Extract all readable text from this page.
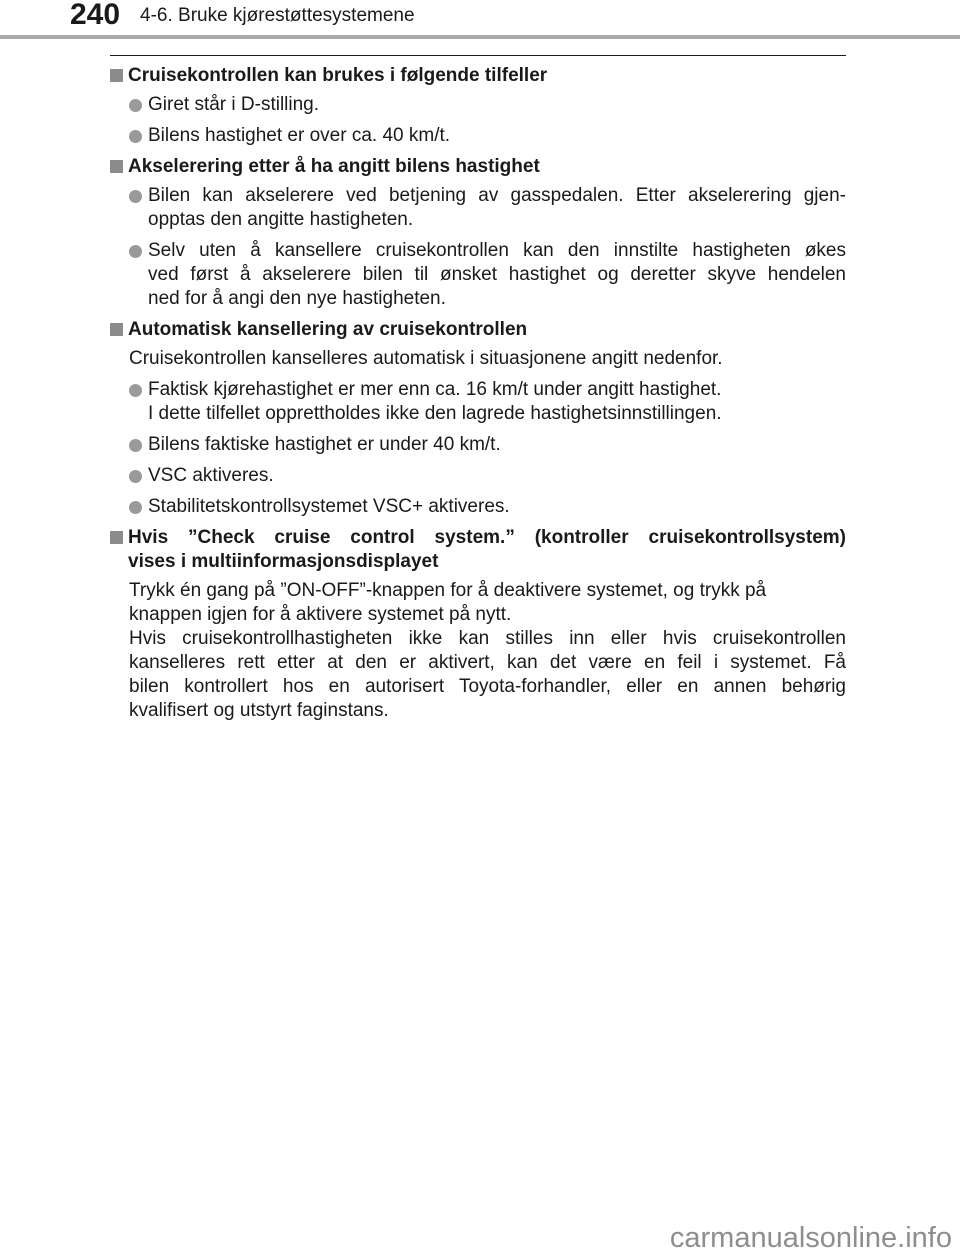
240 4-6. Bruke kjørestøttesystemene
Cruisekontrollen kan brukes i følgende tilfeller
Giret står i D-stilling.
Bilens hastighet er over ca. 40 km/t.
Akselerering etter å ha angitt bilens hastighet
Bilen kan akselerere ved betjening av gasspedalen. Etter akselerering gjen-
opptas den angitte hastigheten.
Selv uten å kansellere cruisekontrollen kan den innstilte hastigheten økes
ved først å akselerere bilen til ønsket hastighet og deretter skyve hendelen
ned for å angi den nye hastigheten.
Automatisk kansellering av cruisekontrollen
Cruisekontrollen kanselleres automatisk i situasjonene angitt nedenfor.
Faktisk kjørehastighet er mer enn ca. 16 km/t under angitt hastighet.
I dette tilfellet opprettholdes ikke den lagrede hastighetsinnstillingen.
Bilens faktiske hastighet er under 40 km/t.
VSC aktiveres.
Stabilitetskontrollsystemet VSC+ aktiveres.
Hvis ”Check cruise control system.” (kontroller cruisekontrollsystem)
vises i multiinformasjonsdisplayet
Trykk én gang på ”ON-OFF”-knappen for å deaktivere systemet, og trykk på
knappen igjen for å aktivere systemet på nytt.
Hvis cruisekontrollhastigheten ikke kan stilles inn eller hvis cruisekontrollen
kanselleres rett etter at den er aktivert, kan det være en feil i systemet. Få
bilen kontrollert hos en autorisert Toyota-forhandler, eller en annen behørig
kvalifisert og utstyrt faginstans.
carmanualsonline.info
